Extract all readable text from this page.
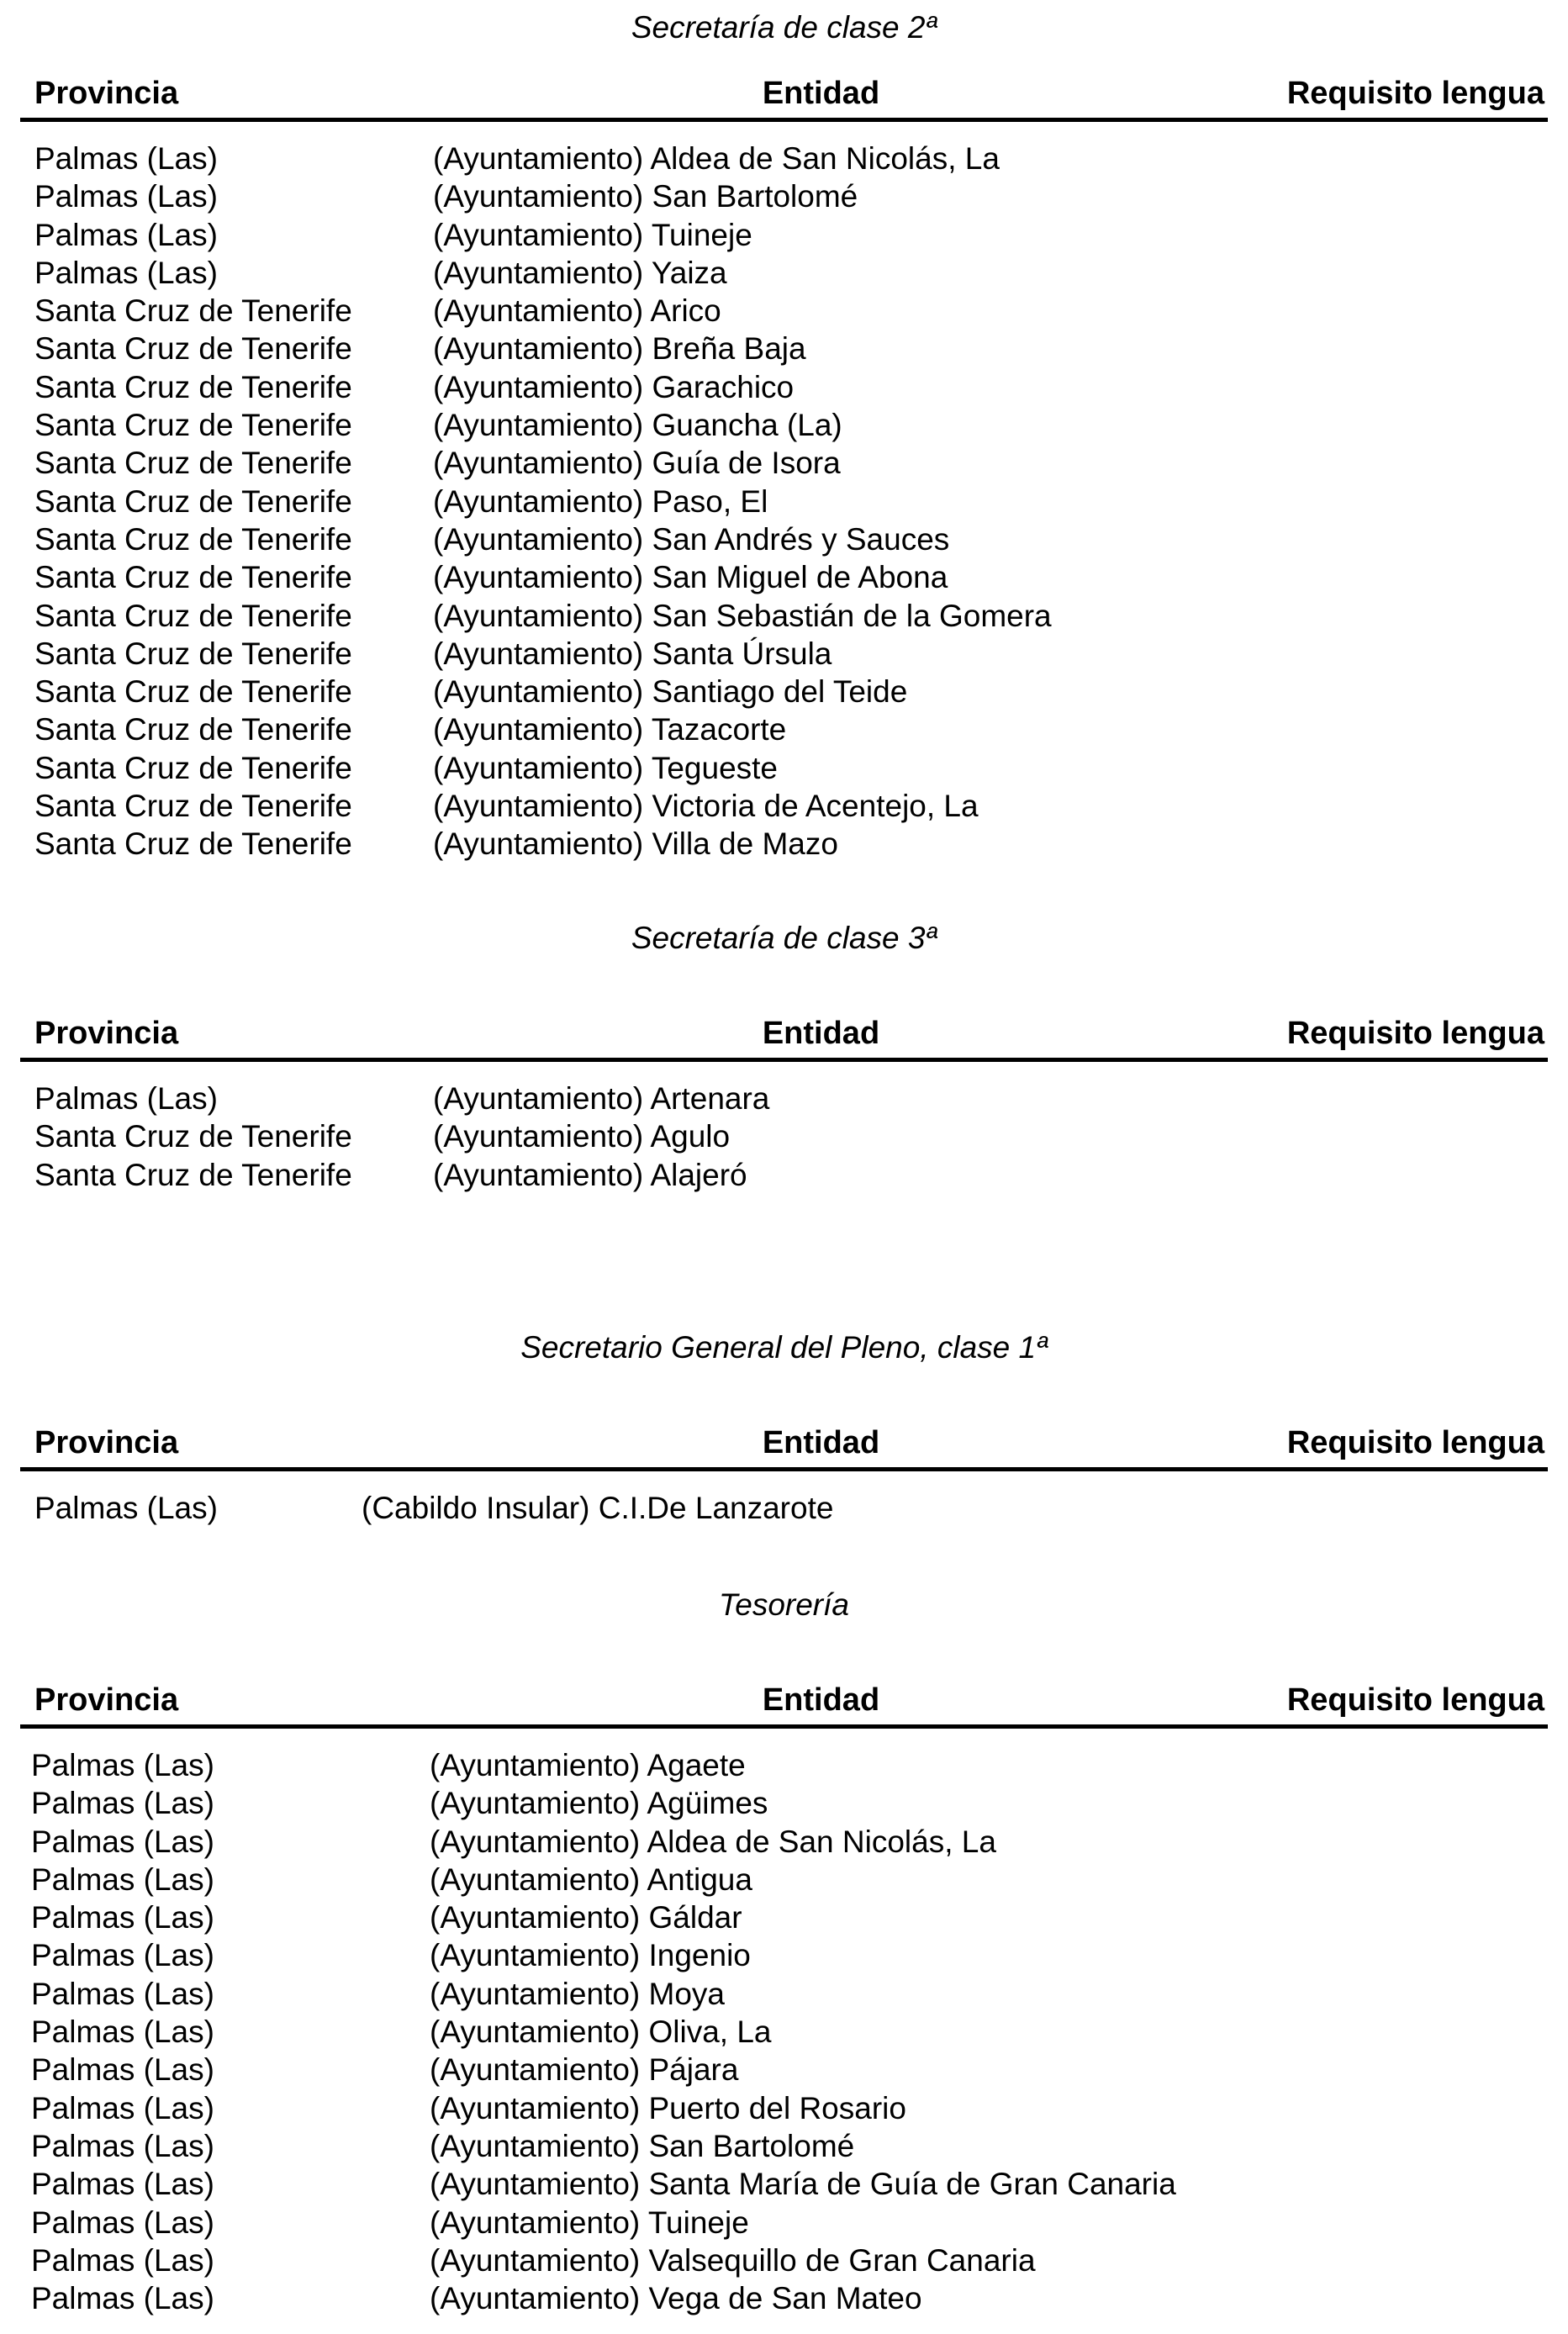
Secretaría de clase 2ª
Provincia	Entidad	Requisito lengua
Palmas (Las)	(Ayuntamiento) Aldea de San Nicolás, La
Palmas (Las)	(Ayuntamiento) San Bartolomé
Palmas (Las)	(Ayuntamiento) Tuineje
Palmas (Las)	(Ayuntamiento) Yaiza
Santa Cruz de Tenerife	(Ayuntamiento) Arico
Santa Cruz de Tenerife	(Ayuntamiento) Breña Baja
Santa Cruz de Tenerife	(Ayuntamiento) Garachico
Santa Cruz de Tenerife	(Ayuntamiento) Guancha (La)
Santa Cruz de Tenerife	(Ayuntamiento) Guía de Isora
Santa Cruz de Tenerife	(Ayuntamiento) Paso, El
Santa Cruz de Tenerife	(Ayuntamiento) San Andrés y Sauces
Santa Cruz de Tenerife	(Ayuntamiento) San Miguel de Abona
Santa Cruz de Tenerife	(Ayuntamiento) San Sebastián de la Gomera
Santa Cruz de Tenerife	(Ayuntamiento) Santa Úrsula
Santa Cruz de Tenerife	(Ayuntamiento) Santiago del Teide
Santa Cruz de Tenerife	(Ayuntamiento) Tazacorte
Santa Cruz de Tenerife	(Ayuntamiento) Tegueste
Santa Cruz de Tenerife	(Ayuntamiento) Victoria de Acentejo, La
Santa Cruz de Tenerife	(Ayuntamiento) Villa de Mazo
Secretaría de clase 3ª
Provincia	Entidad	Requisito lengua
Palmas (Las)	(Ayuntamiento) Artenara
Santa Cruz de Tenerife	(Ayuntamiento) Agulo
Santa Cruz de Tenerife	(Ayuntamiento) Alajeró
Secretario General del Pleno, clase 1ª
Provincia	Entidad	Requisito lengua
Palmas (Las)	(Cabildo Insular) C.I.De Lanzarote
Tesorería
Provincia	Entidad	Requisito lengua
Palmas (Las)	(Ayuntamiento) Agaete
Palmas (Las)	(Ayuntamiento) Agüimes
Palmas (Las)	(Ayuntamiento) Aldea de San Nicolás, La
Palmas (Las)	(Ayuntamiento) Antigua
Palmas (Las)	(Ayuntamiento) Gáldar
Palmas (Las)	(Ayuntamiento) Ingenio
Palmas (Las)	(Ayuntamiento) Moya
Palmas (Las)	(Ayuntamiento) Oliva, La
Palmas (Las)	(Ayuntamiento) Pájara
Palmas (Las)	(Ayuntamiento) Puerto del Rosario
Palmas (Las)	(Ayuntamiento) San Bartolomé
Palmas (Las)	(Ayuntamiento) Santa María de Guía de Gran Canaria
Palmas (Las)	(Ayuntamiento) Tuineje
Palmas (Las)	(Ayuntamiento) Valsequillo de Gran Canaria
Palmas (Las)	(Ayuntamiento) Vega de San Mateo
